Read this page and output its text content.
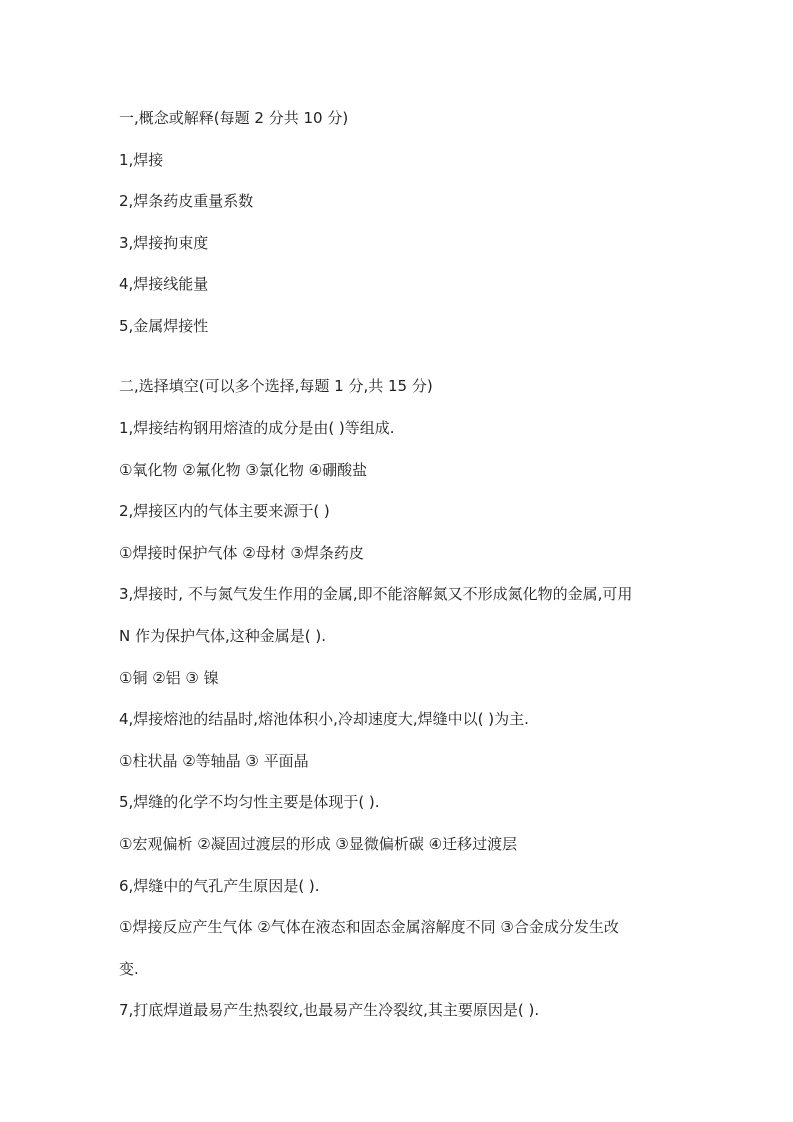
一,概念或解释(每题 2 分共 10 分)

1,焊接

2,焊条药皮重量系数

3,焊接拘束度

4,焊接线能量

5,金属焊接性

二,选择填空(可以多个选择,每题 1 分,共 15 分)

1,焊接结构钢用熔渣的成分是由( )等组成.

①氧化物 ②氟化物 ③氯化物 ④硼酸盐

2,焊接区内的气体主要来源于( )

①焊接时保护气体 ②母材 ③焊条药皮

3,焊接时, 不与氮气发生作用的金属,即不能溶解氮又不形成氮化物的金属,可用

N 作为保护气体,这种金属是( ).

①铜 ②铝 ③ 镍

4,焊接熔池的结晶时,熔池体积小,冷却速度大,焊缝中以( )为主.

①柱状晶 ②等轴晶 ③ 平面晶

5,焊缝的化学不均匀性主要是体现于( ).

①宏观偏析 ②凝固过渡层的形成 ③显微偏析碳 ④迁移过渡层

6,焊缝中的气孔产生原因是( ).

①焊接反应产生气体 ②气体在液态和固态金属溶解度不同 ③合金成分发生改

变.

7,打底焊道最易产生热裂纹,也最易产生冷裂纹,其主要原因是( ).
